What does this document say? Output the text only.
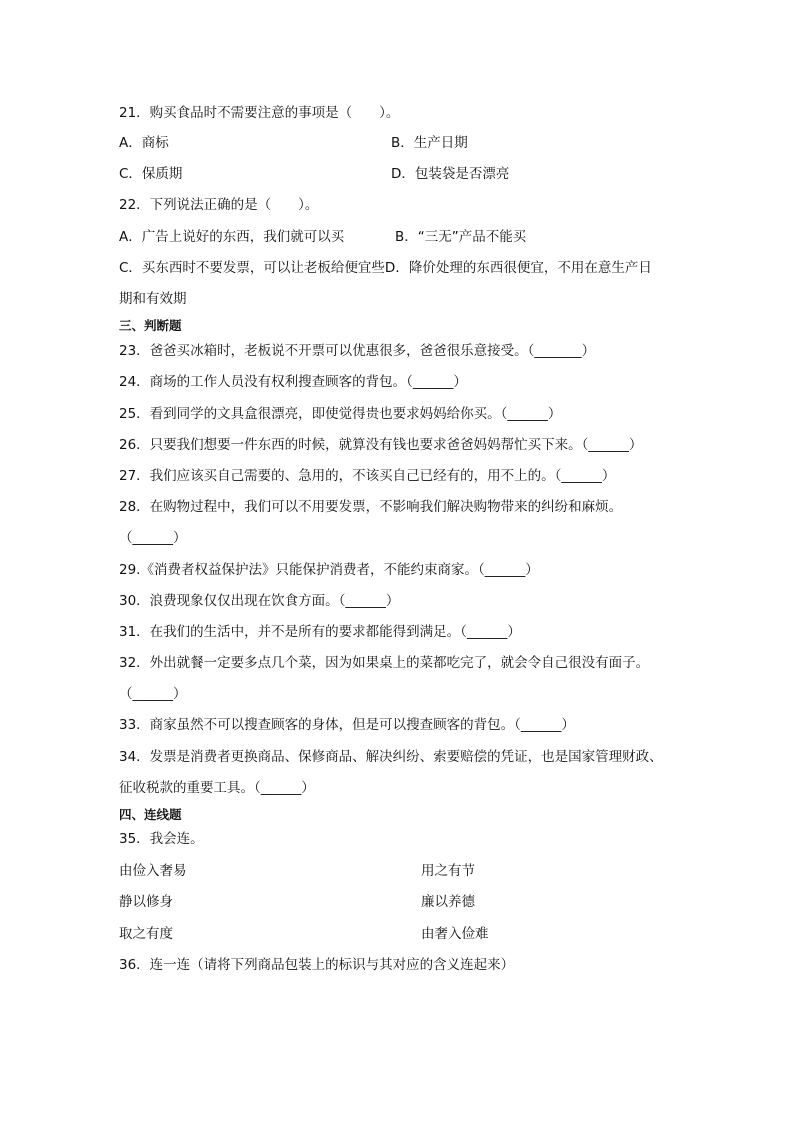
21．购买食品时不需要注意的事项是（　　）。
A．商标	B．生产日期
C．保质期	D．包装袋是否漂亮
22．下列说法正确的是（　　）。
A．广告上说好的东西，我们就可以买	B．“三无”产品不能买
C．买东西时不要发票，可以让老板给便宜些D．降价处理的东西很便宜，不用在意生产日
期和有效期
三、判断题
23．爸爸买冰箱时，老板说不开票可以优惠很多，爸爸很乐意接受。（_______）
24．商场的工作人员没有权利搜查顾客的背包。（______）
25．看到同学的文具盒很漂亮，即使觉得贵也要求妈妈给你买。（______）
26．只要我们想要一件东西的时候，就算没有钱也要求爸爸妈妈帮忙买下来。（______）
27．我们应该买自己需要的、急用的，不该买自己已经有的，用不上的。（______）
28．在购物过程中，我们可以不用要发票，不影响我们解决购物带来的纠纷和麻烦。
（______）
29.《消费者权益保护法》只能保护消费者，不能约束商家。（______）
30．浪费现象仅仅出现在饮食方面。（______）
31．在我们的生活中，并不是所有的要求都能得到满足。（______）
32．外出就餐一定要多点几个菜，因为如果桌上的菜都吃完了，就会令自己很没有面子。
（______）
33．商家虽然不可以搜查顾客的身体，但是可以搜查顾客的背包。（______）
34．发票是消费者更换商品、保修商品、解决纠纷、索要赔偿的凭证，也是国家管理财政、
征收税款的重要工具。（______）
四、连线题
35．我会连。
由俭入奢易	用之有节
静以修身	廉以养德
取之有度	由奢入俭难
36．连一连（请将下列商品包装上的标识与其对应的含义连起来）
